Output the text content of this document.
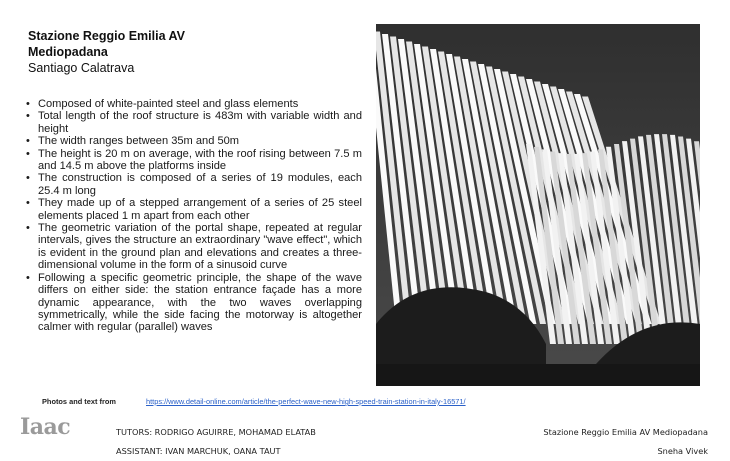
Stazione Reggio Emilia AV

Mediopadana

Santiago Calatrava

• Composed of white-painted steel and glass elements
• Total length of the roof structure is 483m with variable width and height
• The width ranges between 35m and 50m
• The height is 20 m on average, with the roof rising between 7.5 m and 14.5 m above the platforms inside
• The construction is composed of a series of 19 modules, each 25.4 m long
• They made up of a stepped arrangement of a series of 25 steel elements placed 1 m apart from each other
• The geometric variation of the portal shape, repeated at regular intervals, gives the structure an extraordinary "wave effect", which is evident in the ground plan and elevations and creates a three-dimensional volume in the form of a sinusoid curve
• Following a specific geometric principle, the shape of the wave differs on either side: the station entrance façade has a more dynamic appearance, with the two waves overlapping symmetrically, while the side facing the motorway is altogether calmer with regular (parallel) waves
Photos and text from	https://www.detail-online.com/article/the-perfect-wave-new-high-speed-train-station-in-italy-16571/
Iaac	TUTORS: RODRIGO AGUIRRE, MOHAMAD ELATAB
ASSISTANT: IVAN MARCHUK, OANA TAUT
Stazione Reggio Emilia AV Mediopadana
Sneha Vivek
